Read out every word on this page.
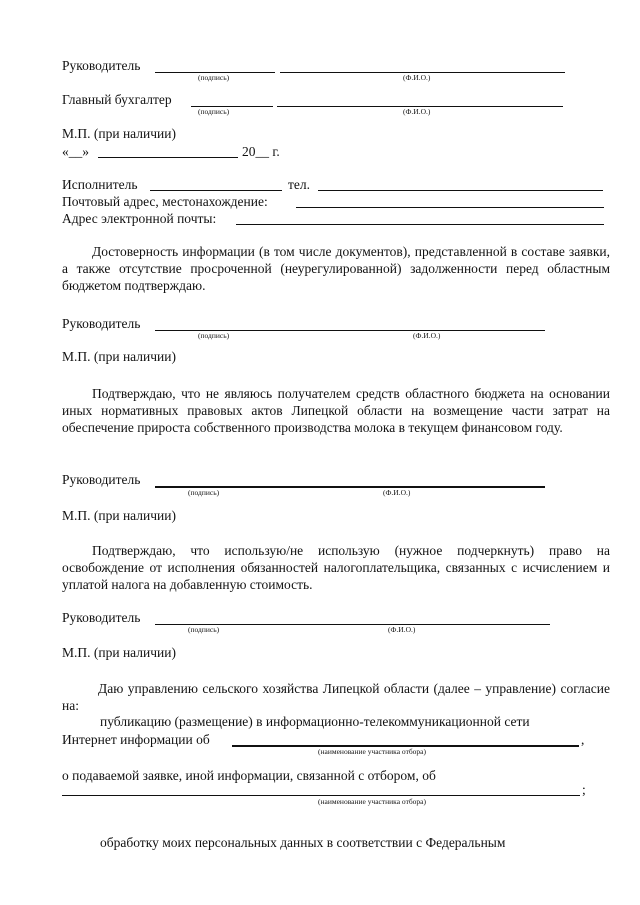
Руководитель
(подпись)	(Ф.И.О.)
Главный бухгалтер
(подпись)	(Ф.И.О.)
М.П. (при наличии)
«__»	20__ г.
Исполнитель	тел.
Почтовый адрес, местонахождение:
Адрес электронной почты:
Достоверность информации (в том числе документов), представленной в составе заявки, а также отсутствие просроченной (неурегулированной) задолженности перед областным бюджетом подтверждаю.
Руководитель
(подпись)	(Ф.И.О.)
М.П. (при наличии)
Подтверждаю, что не являюсь получателем средств областного бюджета на основании иных нормативных правовых актов Липецкой области на возмещение части затрат на обеспечение прироста собственного производства молока в текущем финансовом году.
Руководитель
(подпись)	(Ф.И.О.)
М.П. (при наличии)
Подтверждаю, что использую/не использую (нужное подчеркнуть) право на освобождение от исполнения обязанностей налогоплательщика, связанных с исчислением и уплатой налога на добавленную стоимость.
Руководитель
(подпись)	(Ф.И.О.)
М.П. (при наличии)
Даю управлению сельского хозяйства Липецкой области (далее – управление) согласие на:
публикацию (размещение) в информационно-телекоммуникационной сети
Интернет информации об	,
(наименование участника отбора)
о подаваемой заявке, иной информации, связанной с отбором, об
;
(наименование участника отбора)
обработку моих персональных данных в соответствии с Федеральным
